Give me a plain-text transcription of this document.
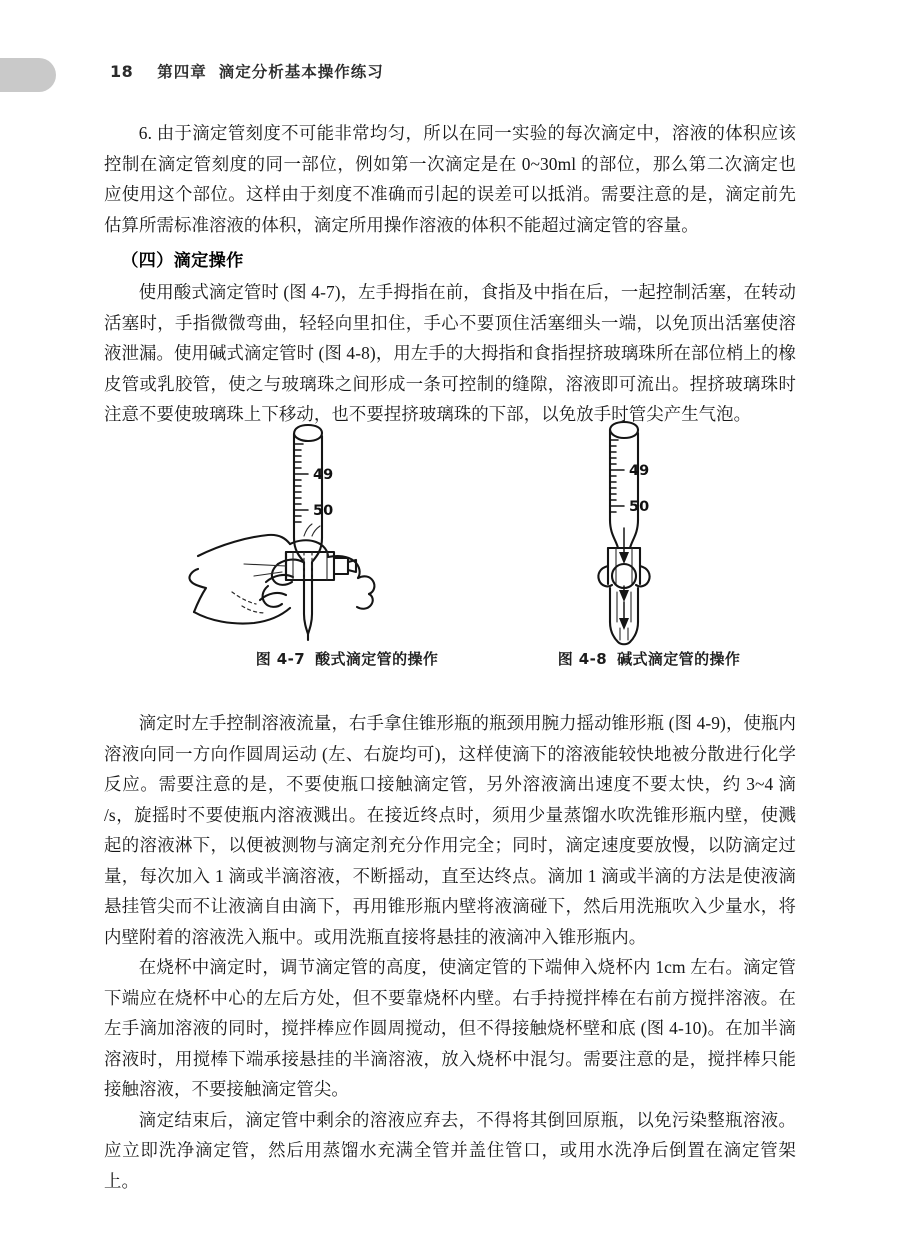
18 第四章 滴定分析基本操作练习

6. 由于滴定管刻度不可能非常均匀，所以在同一实验的每次滴定中，溶液的体积应该控制在滴定管刻度的同一部位，例如第一次滴定是在 0~30ml 的部位，那么第二次滴定也应使用这个部位。这样由于刻度不准确而引起的误差可以抵消。需要注意的是，滴定前先估算所需标准溶液的体积，滴定所用操作溶液的体积不能超过滴定管的容量。

（四）滴定操作

使用酸式滴定管时 (图 4-7)，左手拇指在前，食指及中指在后，一起控制活塞，在转动活塞时，手指微微弯曲，轻轻向里扣住，手心不要顶住活塞细头一端，以免顶出活塞使溶液泄漏。使用碱式滴定管时 (图 4-8)，用左手的大拇指和食指捏挤玻璃珠所在部位梢上的橡皮管或乳胶管，使之与玻璃珠之间形成一条可控制的缝隙，溶液即可流出。捏挤玻璃珠时注意不要使玻璃珠上下移动，也不要捏挤玻璃珠的下部，以免放手时管尖产生气泡。

49
50
图 4-7 酸式滴定管的操作
49
50
图 4-8 碱式滴定管的操作

滴定时左手控制溶液流量，右手拿住锥形瓶的瓶颈用腕力摇动锥形瓶 (图 4-9)，使瓶内溶液向同一方向作圆周运动 (左、右旋均可)，这样使滴下的溶液能较快地被分散进行化学反应。需要注意的是，不要使瓶口接触滴定管，另外溶液滴出速度不要太快，约 3~4 滴 /s，旋摇时不要使瓶内溶液溅出。在接近终点时，须用少量蒸馏水吹洗锥形瓶内壁，使溅起的溶液淋下，以便被测物与滴定剂充分作用完全；同时，滴定速度要放慢，以防滴定过量，每次加入 1 滴或半滴溶液，不断摇动，直至达终点。滴加 1 滴或半滴的方法是使液滴悬挂管尖而不让液滴自由滴下，再用锥形瓶内壁将液滴碰下，然后用洗瓶吹入少量水，将内壁附着的溶液洗入瓶中。或用洗瓶直接将悬挂的液滴冲入锥形瓶内。

在烧杯中滴定时，调节滴定管的高度，使滴定管的下端伸入烧杯内 1cm 左右。滴定管下端应在烧杯中心的左后方处，但不要靠烧杯内壁。右手持搅拌棒在右前方搅拌溶液。在左手滴加溶液的同时，搅拌棒应作圆周搅动，但不得接触烧杯壁和底 (图 4-10)。在加半滴溶液时，用搅棒下端承接悬挂的半滴溶液，放入烧杯中混匀。需要注意的是，搅拌棒只能接触溶液，不要接触滴定管尖。

滴定结束后，滴定管中剩余的溶液应弃去，不得将其倒回原瓶，以免污染整瓶溶液。应立即洗净滴定管，然后用蒸馏水充满全管并盖住管口，或用水洗净后倒置在滴定管架上。
